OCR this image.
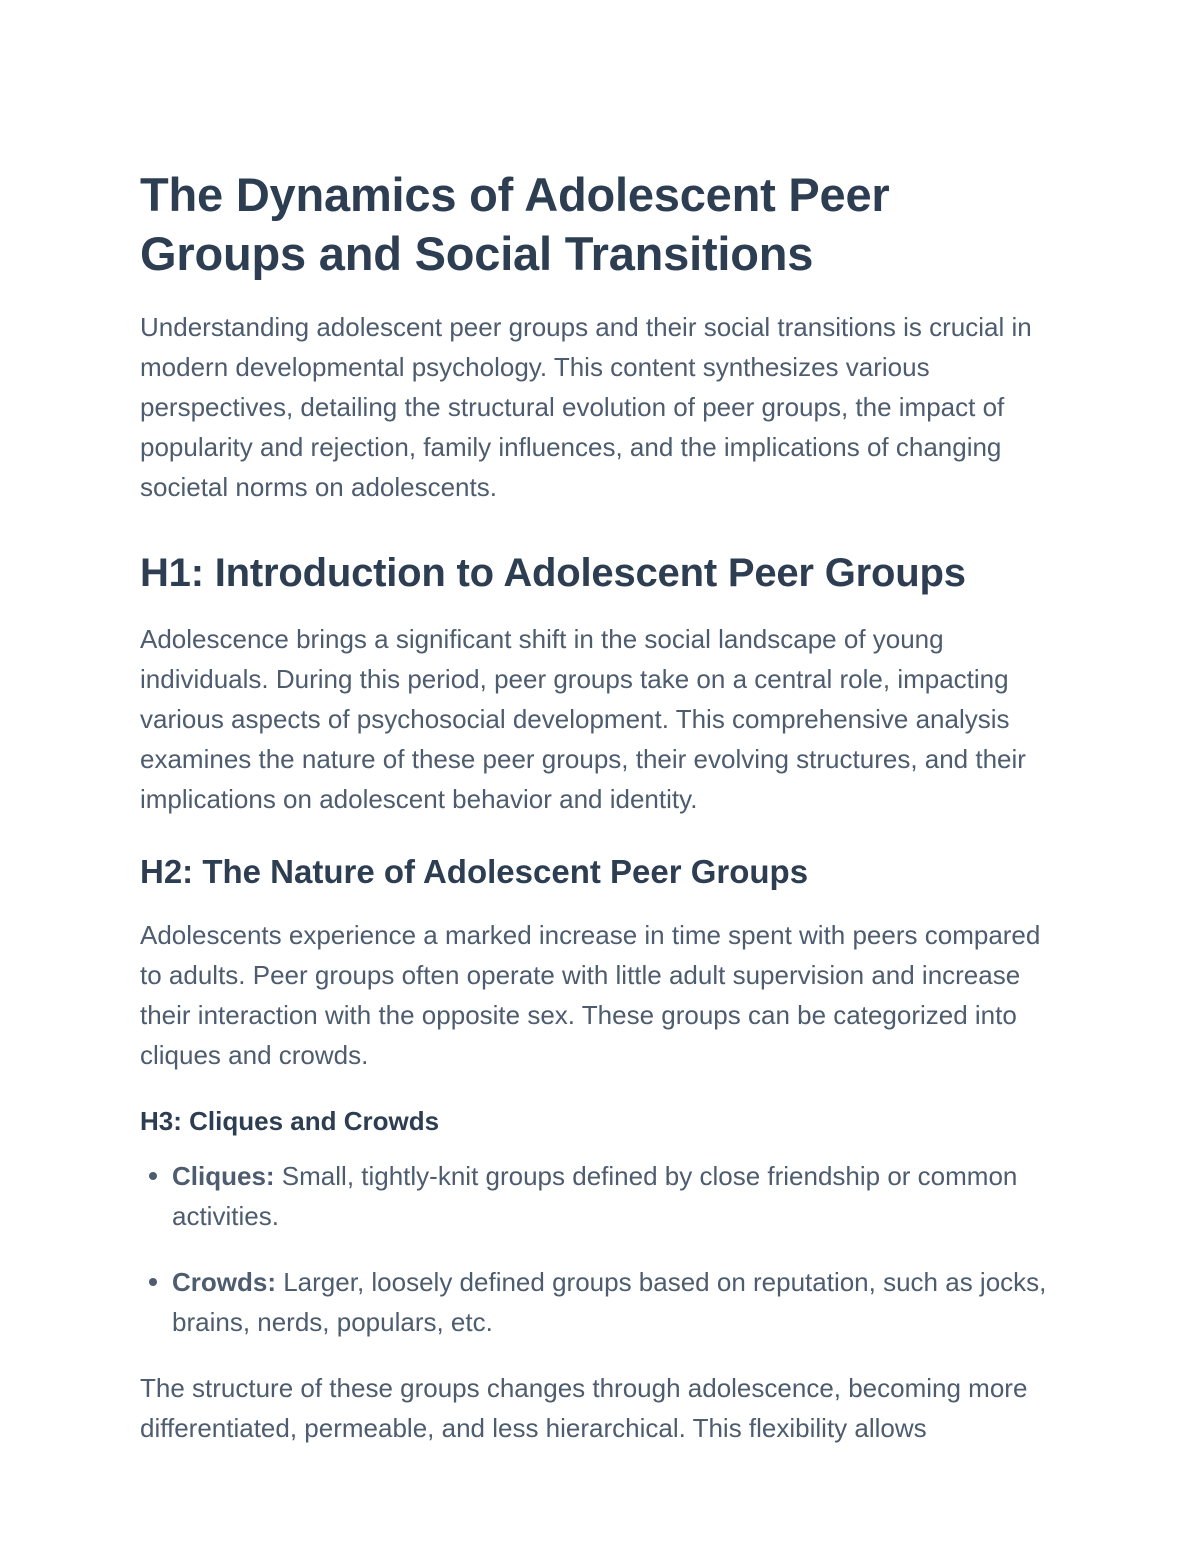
The Dynamics of Adolescent Peer Groups and Social Transitions

Understanding adolescent peer groups and their social transitions is crucial in modern developmental psychology. This content synthesizes various perspectives, detailing the structural evolution of peer groups, the impact of popularity and rejection, family influences, and the implications of changing societal norms on adolescents.

H1: Introduction to Adolescent Peer Groups

Adolescence brings a significant shift in the social landscape of young individuals. During this period, peer groups take on a central role, impacting various aspects of psychosocial development. This comprehensive analysis examines the nature of these peer groups, their evolving structures, and their implications on adolescent behavior and identity.

H2: The Nature of Adolescent Peer Groups

Adolescents experience a marked increase in time spent with peers compared to adults. Peer groups often operate with little adult supervision and increase their interaction with the opposite sex. These groups can be categorized into cliques and crowds.

H3: Cliques and Crowds
Cliques: Small, tightly-knit groups defined by close friendship or common activities.
Crowds: Larger, loosely defined groups based on reputation, such as jocks, brains, nerds, populars, etc.

The structure of these groups changes through adolescence, becoming more differentiated, permeable, and less hierarchical. This flexibility allows
